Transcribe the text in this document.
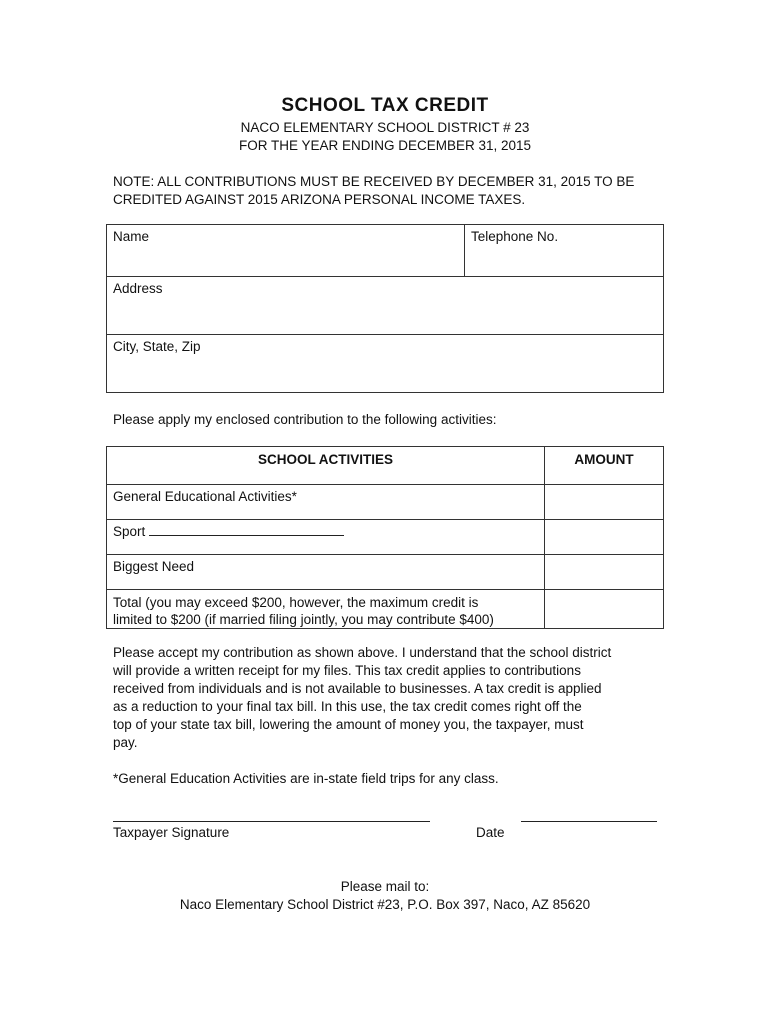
SCHOOL TAX CREDIT
NACO ELEMENTARY SCHOOL DISTRICT # 23
FOR THE YEAR ENDING DECEMBER 31, 2015
NOTE: ALL CONTRIBUTIONS MUST BE RECEIVED BY DECEMBER 31, 2015 TO BE
CREDITED AGAINST 2015 ARIZONA PERSONAL INCOME TAXES.
Name	Telephone No.
Address
City, State, Zip
Please apply my enclosed contribution to the following activities:
SCHOOL ACTIVITIES	AMOUNT
General Educational Activities*	
Sport	
Biggest Need	

Total (you may exceed $200, however, the maximum credit is
limited to $200 (if married filing jointly, you may contribute $400)	

Please accept my contribution as shown above. I understand that the school district
will provide a written receipt for my files. This tax credit applies to contributions
received from individuals and is not available to businesses. A tax credit is applied
as a reduction to your final tax bill. In this use, the tax credit comes right off the
top of your state tax bill, lowering the amount of money you, the taxpayer, must
pay.
*General Education Activities are in-state field trips for any class.
Taxpayer Signature	Date
Please mail to:
Naco Elementary School District #23, P.O. Box 397, Naco, AZ 85620
